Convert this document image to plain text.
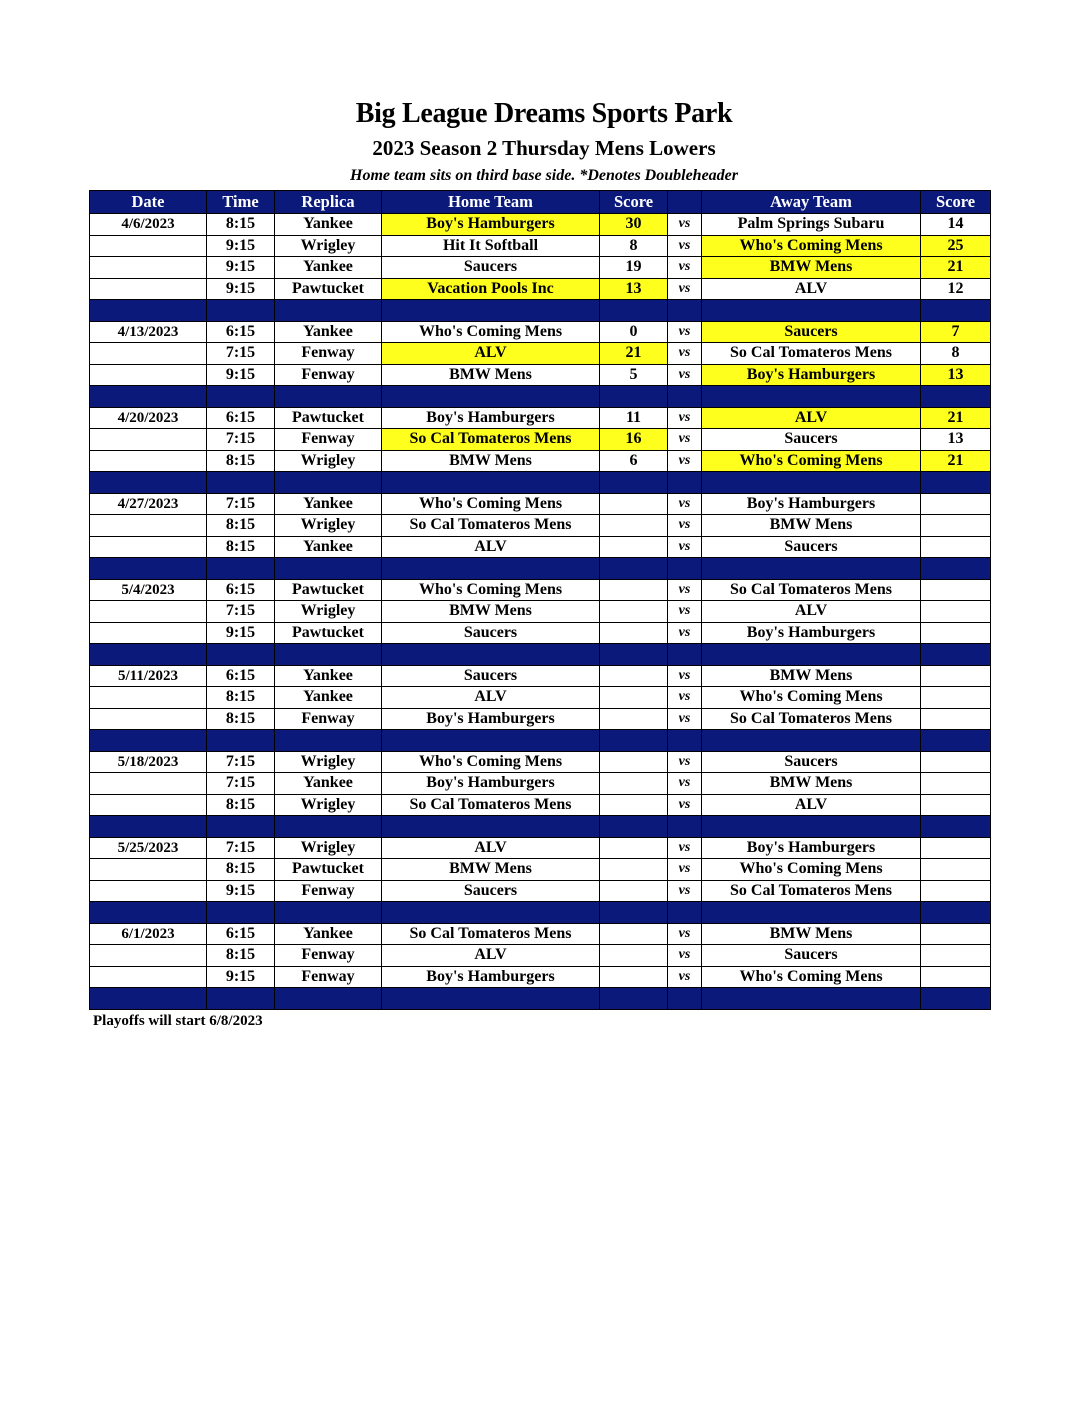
Big League Dreams Sports Park
2023 Season 2 Thursday Mens Lowers
Home team sits on third base side. *Denotes Doubleheader
Date	Time	Replica	Home Team	Score		Away Team	Score
4/6/2023	8:15	Yankee	Boy's Hamburgers	30	vs	Palm Springs Subaru	14
	9:15	Wrigley	Hit It Softball	8	vs	Who's Coming Mens	25
	9:15	Yankee	Saucers	19	vs	BMW Mens	21
	9:15	Pawtucket	Vacation Pools Inc	13	vs	ALV	12

4/13/2023	6:15	Yankee	Who's Coming Mens	0	vs	Saucers	7
	7:15	Fenway	ALV	21	vs	So Cal Tomateros Mens	8
	9:15	Fenway	BMW Mens	5	vs	Boy's Hamburgers	13

4/20/2023	6:15	Pawtucket	Boy's Hamburgers	11	vs	ALV	21
	7:15	Fenway	So Cal Tomateros Mens	16	vs	Saucers	13
	8:15	Wrigley	BMW Mens	6	vs	Who's Coming Mens	21

4/27/2023	7:15	Yankee	Who's Coming Mens		vs	Boy's Hamburgers	
	8:15	Wrigley	So Cal Tomateros Mens		vs	BMW Mens	
	8:15	Yankee	ALV		vs	Saucers	

5/4/2023	6:15	Pawtucket	Who's Coming Mens		vs	So Cal Tomateros Mens	
	7:15	Wrigley	BMW Mens		vs	ALV	
	9:15	Pawtucket	Saucers		vs	Boy's Hamburgers	

5/11/2023	6:15	Yankee	Saucers		vs	BMW Mens	
	8:15	Yankee	ALV		vs	Who's Coming Mens	
	8:15	Fenway	Boy's Hamburgers		vs	So Cal Tomateros Mens	

5/18/2023	7:15	Wrigley	Who's Coming Mens		vs	Saucers	
	7:15	Yankee	Boy's Hamburgers		vs	BMW Mens	
	8:15	Wrigley	So Cal Tomateros Mens		vs	ALV	

5/25/2023	7:15	Wrigley	ALV		vs	Boy's Hamburgers	
	8:15	Pawtucket	BMW Mens		vs	Who's Coming Mens	
	9:15	Fenway	Saucers		vs	So Cal Tomateros Mens	

6/1/2023	6:15	Yankee	So Cal Tomateros Mens		vs	BMW Mens	
	8:15	Fenway	ALV		vs	Saucers	
	9:15	Fenway	Boy's Hamburgers		vs	Who's Coming Mens	

Playoffs will start 6/8/2023
